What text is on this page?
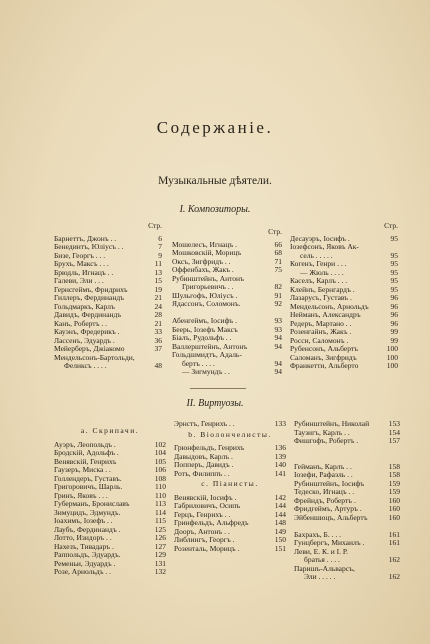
Содержаніе.
Музыкальные дѣятели.
I. Композиторы.
Стр.
Барнеттъ, Джонъ . .	6
Бенединтъ, Юліусъ . .	7
Бизе, Георгъ . . .	9
Брухъ, Максъ . . .	11
Брюдль, Игнацъ . .	13
Галеви, Эли . . .	15
Гернсгеймъ, Фридрихъ	19
Гиллеръ, Фердинандъ	21
Гольдмаркъ, Карлъ	24
Давидъ, Фердинандъ	28
Канъ, Робертъ . .	21
Кауэнъ, Фредерикъ .	33
Лассенъ, Эдуардъ .	36
Мейерберъ, Джіакомо	37
Мендельсонъ-Бартольди,
Феликсъ . . . .	48
Стр.
Мошелесъ, Игнацъ .	66
Мошковскій, Морицъ	68
Оксъ, Зигфридъ . .	71
Оффенбахъ, Жакъ .	75
Рубинштейнъ, Антонъ
Григорьевичъ . .	82
Шульгофъ, Юліусъ .	91
Ядассонъ, Соломонъ.	92

Абенгеймъ, Іосифъ .	93
Беерь, Іозефъ Максъ	93
Біалъ, Рудольфъ . .	94
Валлерштейнъ, Антонъ	94
Гольдшмидтъ, Адаль-
бертъ . . . .	94
— Зигмундъ . .	94
Стр.
Десауэръ, Іосифъ .	95
Іозефсонъ, Яковъ Ак-
сель . . . . .	95
Когенъ, Генри . . .	95
— Жюль . . . .	95
Каселъ, Карлъ . . .	95
Клейнъ, Бернгардъ .	95
Лазарусъ, Густавъ .	96
Мендельсонъ, Арнольдъ	96
Нейманъ, Александръ	96
Редеръ, Мартано . .	96
Розенгайнъ, Жакъ .	99
Росси, Саломонъ .	99
Рубенсонъ, Альбертъ	100
Саломанъ, Зигфридъ	100
Франкетти, Альберто	100
II. Виртуозы.
a. Скрипачи.
Ауэръ, Леопольдъ .	102
Бродскій, Адольфъ .	104
Венявскій, Генрихъ	105
Гаузеръ, Миска . .	106
Голлендеръ, Густавъ.	108
Григоровичъ, Шарль.	110
Гринъ, Яковъ . . .	110
Губерманъ, Брониславъ	113
Зимуцидъ, Эдмундъ.	114
Іоахимъ, Іозефъ . .	115
Лаубъ, Фердинандъ .	125
Лотто, Изидоръ . .	126
Нахезъ, Тивадаръ .	127
Раппольдъ, Эдуардъ.	129
Ременьи, Эдуардъ .	131
Розе, Арнольдъ . .	132
Эрнстъ, Генрихъ . .	133
b. Віолончелисты.
Грюнфельдъ, Генрихъ	136
Давыдовъ, Карлъ .	139
Попперъ, Давидъ .	140
Ротъ, Филиппъ . .	141
c. Піанисты.
Венявскій, Іосифъ .	142
Габриловичъ, Осипъ	144
Герцъ, Генрихъ . .	144
Гринфельдъ, Альфредъ	148
Дооръ, Антонъ . .	149
Либлингъ, Георгъ .	150
Розенталь, Морицъ .	151
Рубинштейнъ, Николай	153
Таузигъ, Карлъ . .	154
Фишгофъ, Робертъ .	157

Гейманъ, Карлъ . .	158
Іозефи, Рафаэль . .	158
Рубинштейнъ, Іосифъ	159
Тедеско, Игнацъ . .	159
Фрейндъ, Робертъ .	160
Фридгеймъ, Артуръ .	160
Эйбеншюцъ, Альбертъ	160

Бахрахъ, Б. . . .	161
Гунцбергъ, Михаилъ .	161
Леви, Е. К. и І. Р.
братья . . . .	162
Паришъ-Альварсъ,
Эли . . . . .	162
